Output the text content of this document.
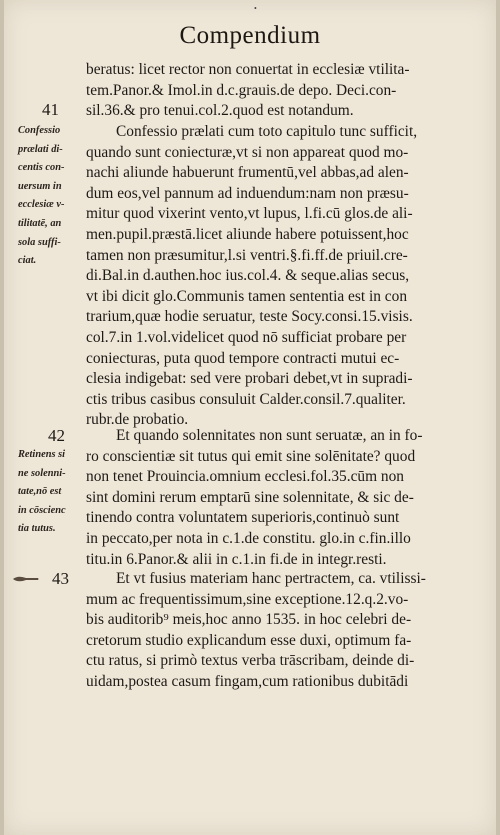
•
Compendium
beratus: licet rector non conuertat in ecclesiæ vtilita-
tem.Panor.& Imol.in d.c.grauis.de depo. Deci.con-
sil.36.& pro tenui.col.2.quod est notandum.
41
Confessio
prælati di-
centis con-
uersum in
ecclesiæ v-
tilitatē, an
sola suffi-
ciat.
Confessio prælati cum toto capitulo tunc sufficit,
quando sunt coniecturæ,vt si non appareat quod mo-
nachi aliunde habuerunt frumentū,vel abbas,ad alen-
dum eos,vel pannum ad induendum:nam non præsu-
mitur quod vixerint vento,vt lupus, l.fi.cū glos.de ali-
men.pupil.præstā.licet aliunde habere potuissent,hoc
tamen non præsumitur,l.si ventri.§.fi.ff.de priuil.cre-
di.Bal.in d.authen.hoc ius.col.4. & seque.alias secus,
vt ibi dicit glo.Communis tamen sententia est in con
trarium,quæ hodie seruatur, teste Socy.consi.15.visis.
col.7.in 1.vol.videlicet quod nō sufficiat probare per
coniecturas, puta quod tempore contracti mutui ec-
clesia indigebat: sed vere probari debet,vt in supradi-
ctis tribus casibus consuluit Calder.consil.7.qualiter.
rubr.de probatio.
42
Retinens si
ne solenni-
tate,nō est
in cōscienc
tia tutus.
Et quando solennitates non sunt seruatæ, an in fo-
ro conscientiæ sit tutus qui emit sine solēnitate? quod
non tenet Prouincia.omnium ecclesi.fol.35.cūm non
sint domini rerum emptarū sine solennitate, & sic de-
tinendo contra voluntatem superioris,continuò sunt
in peccato,per nota in c.1.de constitu. glo.in c.fin.illo
titu.in 6.Panor.& alii in c.1.in fi.de in integr.resti.
43	Et vt fusius materiam hanc pertractem, ca. vtilissi-
mum ac frequentissimum,sine exceptione.12.q.2.vo-
bis auditorib⁹ meis,hoc anno 1535. in hoc celebri de-
cretorum studio explicandum esse duxi, optimum fa-
ctu ratus, si primò textus verba trāscribam, deinde di-
uidam,postea casum fingam,cum rationibus dubitādi
